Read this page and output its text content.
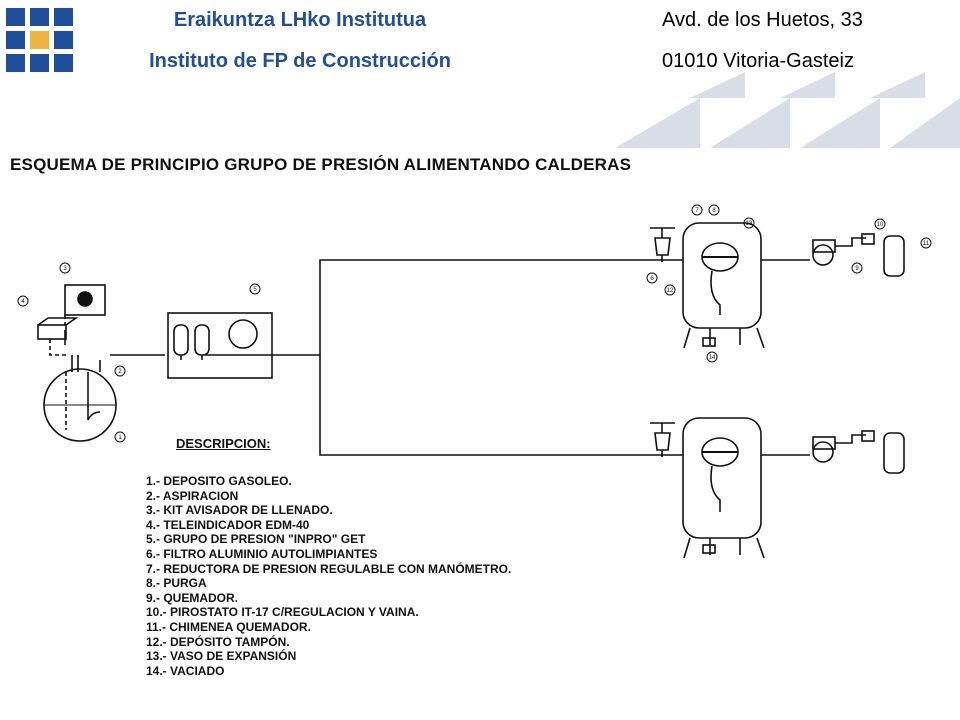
Eraikuntza LHko Institutua
Instituto de FP de Construcción
Avd. de los Huetos, 33
01010 Vitoria-Gasteiz
ESQUEMA DE PRINCIPIO GRUPO DE PRESIÓN ALIMENTANDO CALDERAS
1
2
3
4
5
7 8
6
13	10
9
11
12
14
DESCRIPCION:
1.- DEPOSITO GASOLEO.
2.- ASPIRACION
3.- KIT AVISADOR DE LLENADO.
4.- TELEINDICADOR EDM-40
5.- GRUPO DE PRESION "INPRO" GET
6.- FILTRO ALUMINIO AUTOLIMPIANTES
7.- REDUCTORA DE PRESION REGULABLE CON MANÓMETRO.
8.- PURGA
9.- QUEMADOR.
10.- PIROSTATO IT-17 C/REGULACION Y VAINA.
11.- CHIMENEA QUEMADOR.
12.- DEPÓSITO TAMPÓN.
13.- VASO DE EXPANSIÓN
14.- VACIADO
